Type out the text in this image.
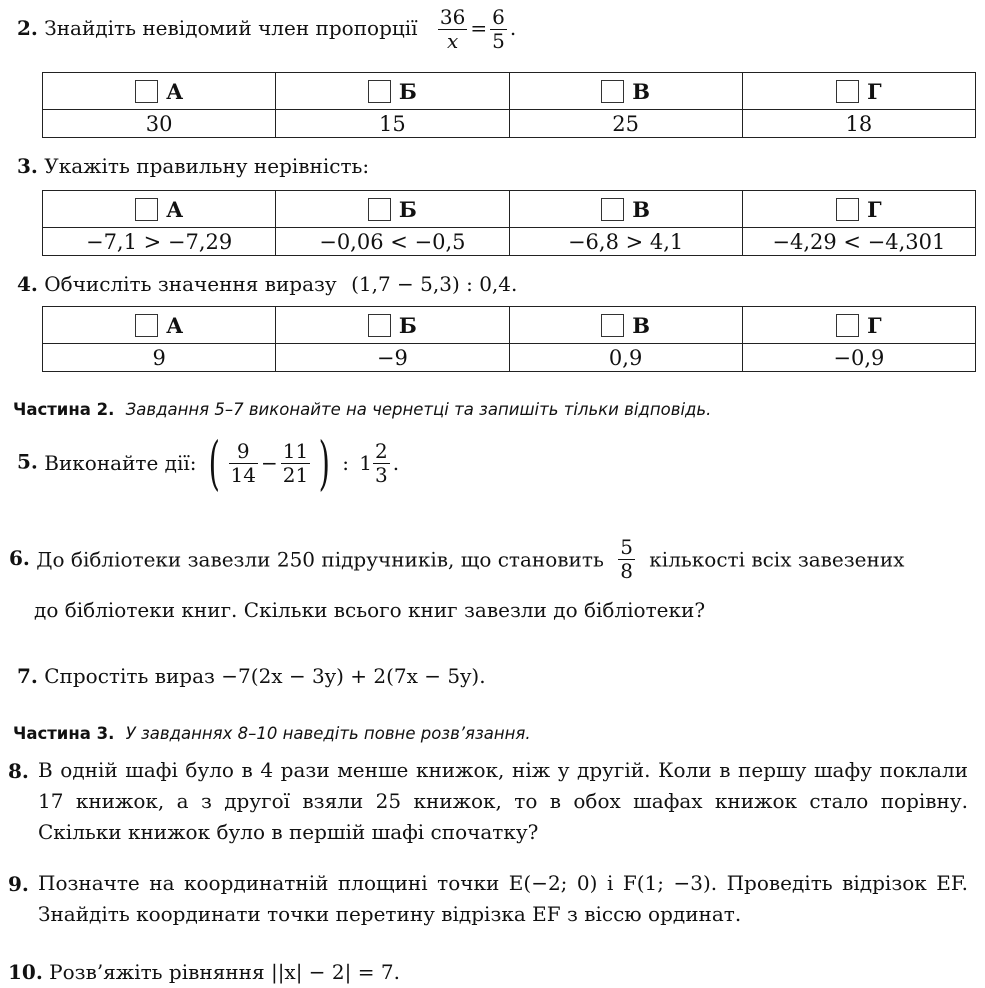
2. Знайдіть невідомий член пропорції $\frac{36}{x} = \frac{6}{5}$ .
А	Б	В	Г
30	15	25	18
3. Укажіть правильну нерівність:
А	Б	В	Г
−7,1 > −7,29	−0,06 < −0,5	−6,8 > 4,1	−4,29 < −4,301
4. Обчисліть значення виразу (1,7 − 5,3) : 0,4.
А	Б	В	Г
9	−9	0,9	−0,9
Частина 2. Завдання 5–7 виконайте на чернетці та запишіть тільки відповідь.
5. Виконайте дії: ( $\frac{9}{14} - \frac{11}{21}$ ) : $1 \frac{2}{3}$ .
6. До бібліотеки завезли 250 підручників, що становить $\frac{5}{8}$ кількості всіх завезених
до бібліотеки книг. Скільки всього книг завезли до бібліотеки?
7. Спростіть вираз −7(2x − 3y) + 2(7x − 5y).
Частина 3. У завданнях 8–10 наведіть повне розв’язання.
8. В одній шафі було в 4 рази менше книжок, ніж у другій. Коли в першу шафу поклали 17 книжок, а з другої взяли 25 книжок, то в обох шафах книжок стало порівну. Скільки книжок було в першій шафі спочатку?
9. Позначте на координатній площині точки E(−2; 0) і F(1; −3). Проведіть відрізок EF. Знайдіть координати точки перетину відрізка EF з віссю ординат.
10. Розв’яжіть рівняння ||x| − 2| = 7.
